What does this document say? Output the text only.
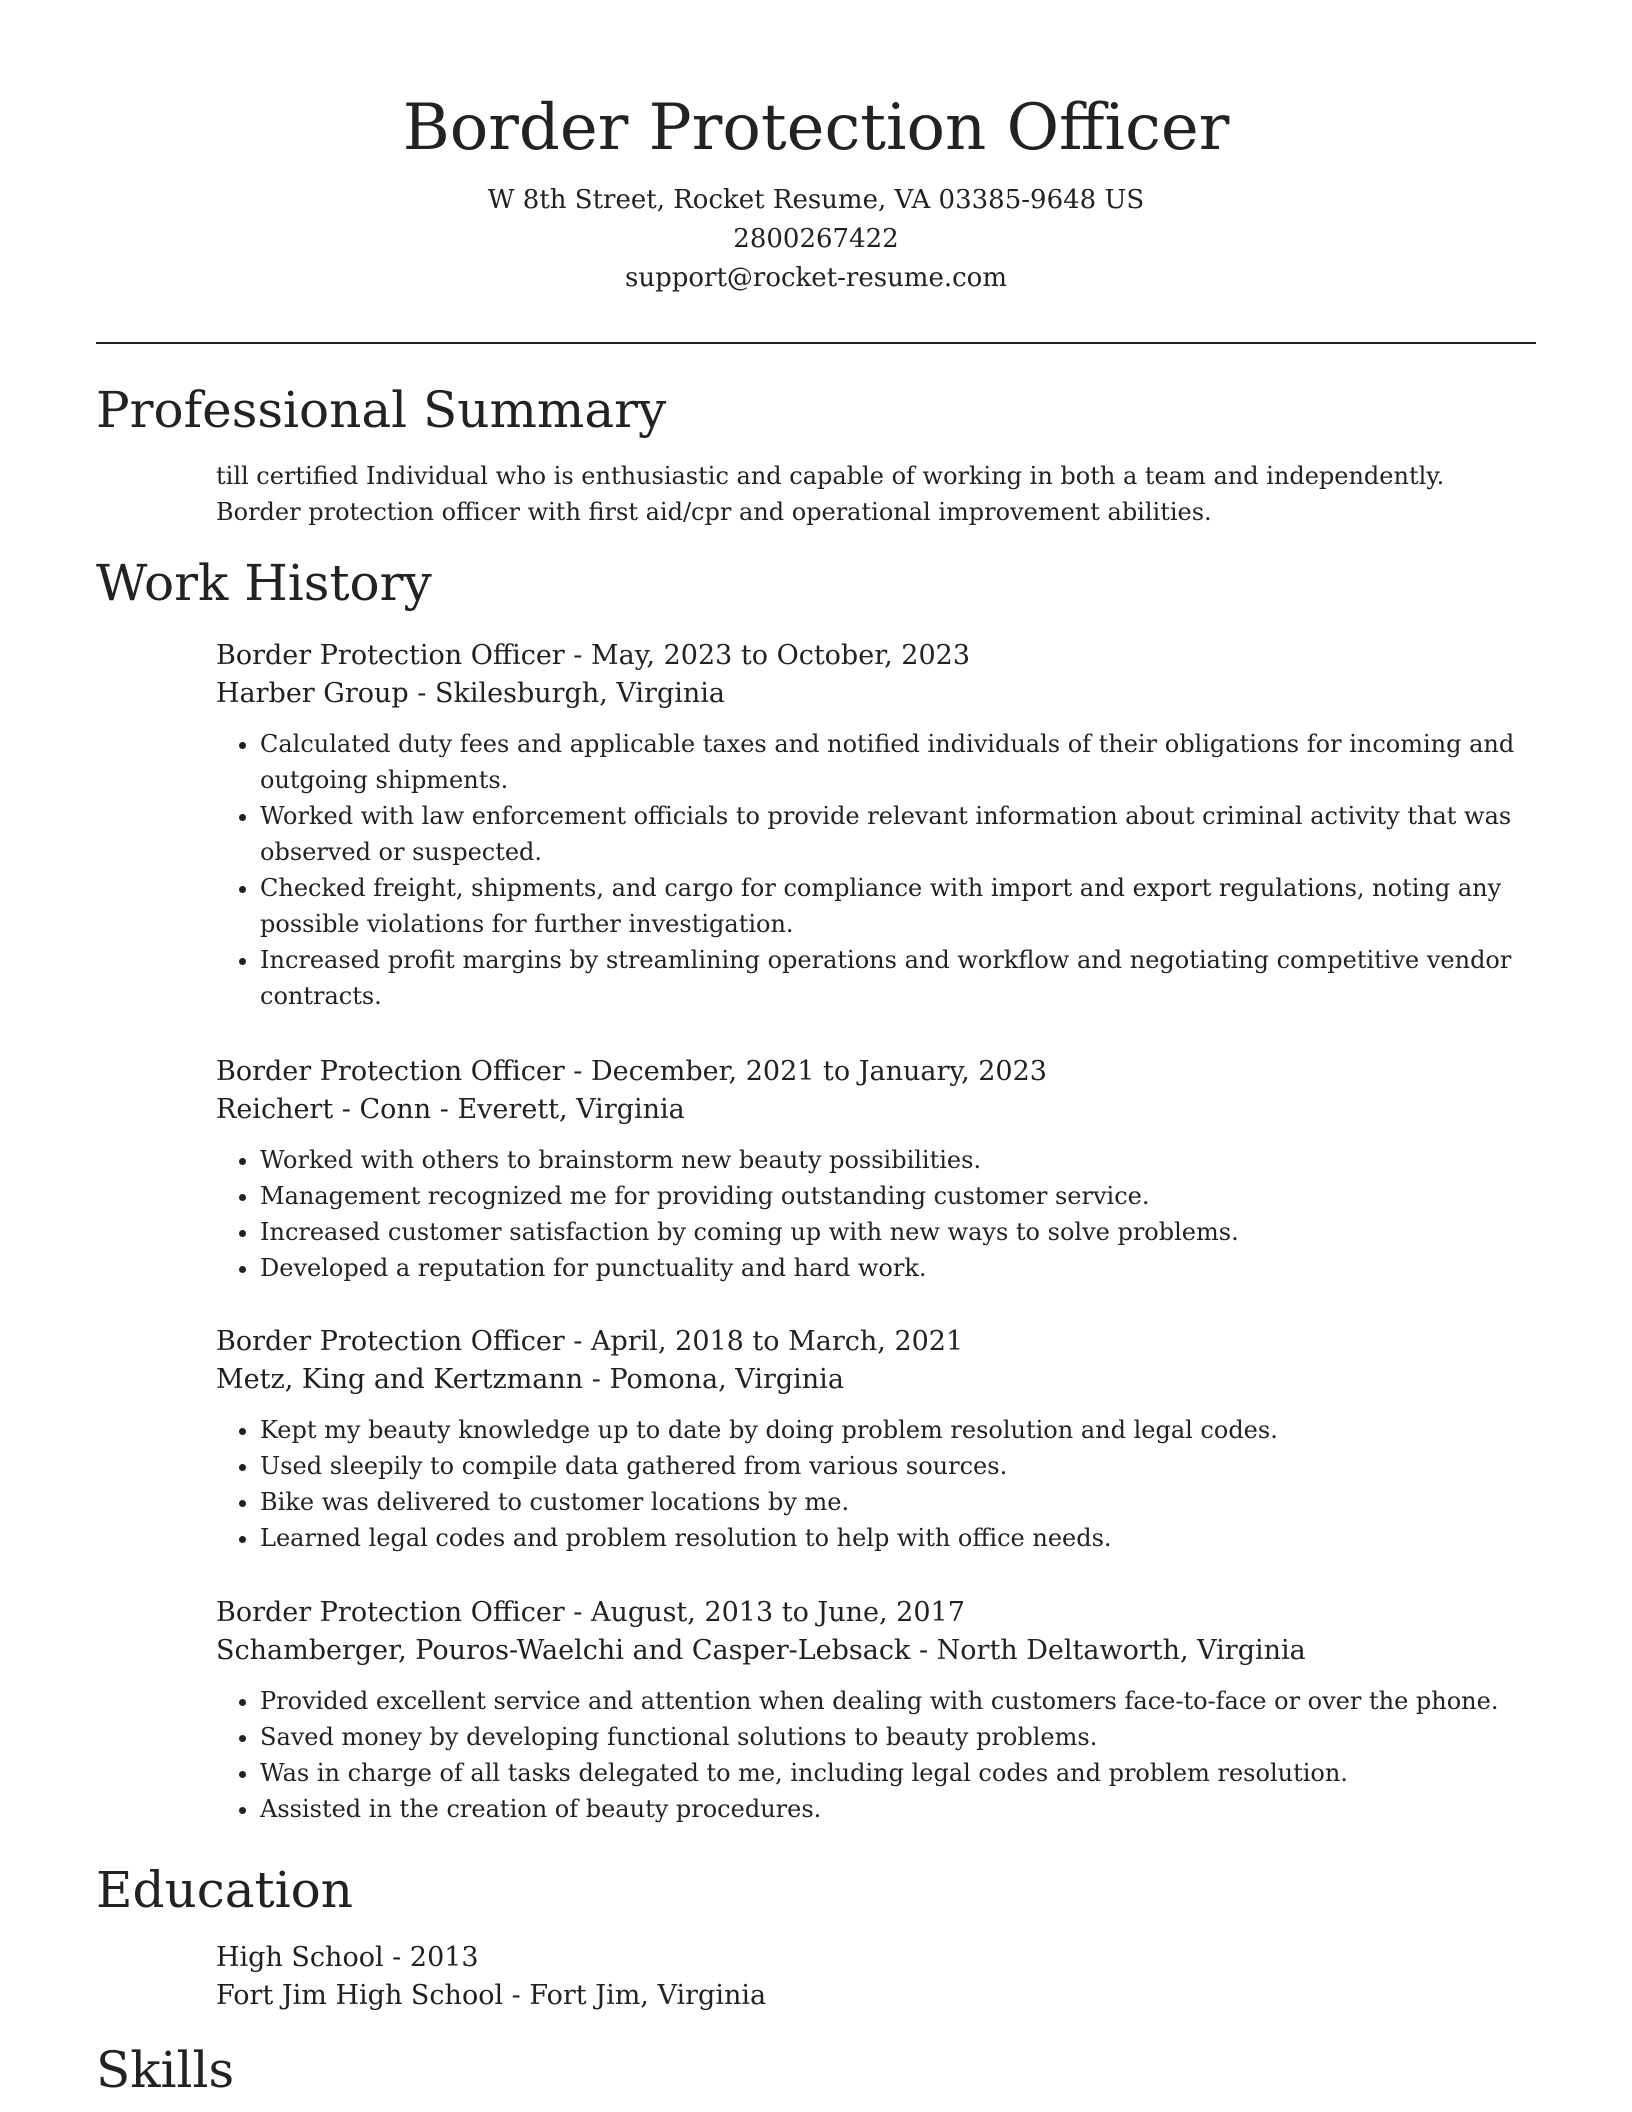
Border Protection Officer
W 8th Street, Rocket Resume, VA 03385-9648 US
2800267422
support@rocket-resume.com
Professional Summary

till certified Individual who is enthusiastic and capable of working in both a team and independently. Border protection officer with first aid/cpr and operational improvement abilities.

Work History
Border Protection Officer - May, 2023 to October, 2023
Harber Group - Skilesburgh, Virginia
• Calculated duty fees and applicable taxes and notified individuals of their obligations for incoming and outgoing shipments.
• Worked with law enforcement officials to provide relevant information about criminal activity that was observed or suspected.
• Checked freight, shipments, and cargo for compliance with import and export regulations, noting any possible violations for further investigation.
• Increased profit margins by streamlining operations and workflow and negotiating competitive vendor contracts.
Border Protection Officer - December, 2021 to January, 2023
Reichert - Conn - Everett, Virginia
• Worked with others to brainstorm new beauty possibilities.
• Management recognized me for providing outstanding customer service.
• Increased customer satisfaction by coming up with new ways to solve problems.
• Developed a reputation for punctuality and hard work.
Border Protection Officer - April, 2018 to March, 2021
Metz, King and Kertzmann - Pomona, Virginia
• Kept my beauty knowledge up to date by doing problem resolution and legal codes.
• Used sleepily to compile data gathered from various sources.
• Bike was delivered to customer locations by me.
• Learned legal codes and problem resolution to help with office needs.
Border Protection Officer - August, 2013 to June, 2017
Schamberger, Pouros-Waelchi and Casper-Lebsack - North Deltaworth, Virginia
• Provided excellent service and attention when dealing with customers face-to-face or over the phone.
• Saved money by developing functional solutions to beauty problems.
• Was in charge of all tasks delegated to me, including legal codes and problem resolution.
• Assisted in the creation of beauty procedures.
Education
High School - 2013
Fort Jim High School - Fort Jim, Virginia
Skills
